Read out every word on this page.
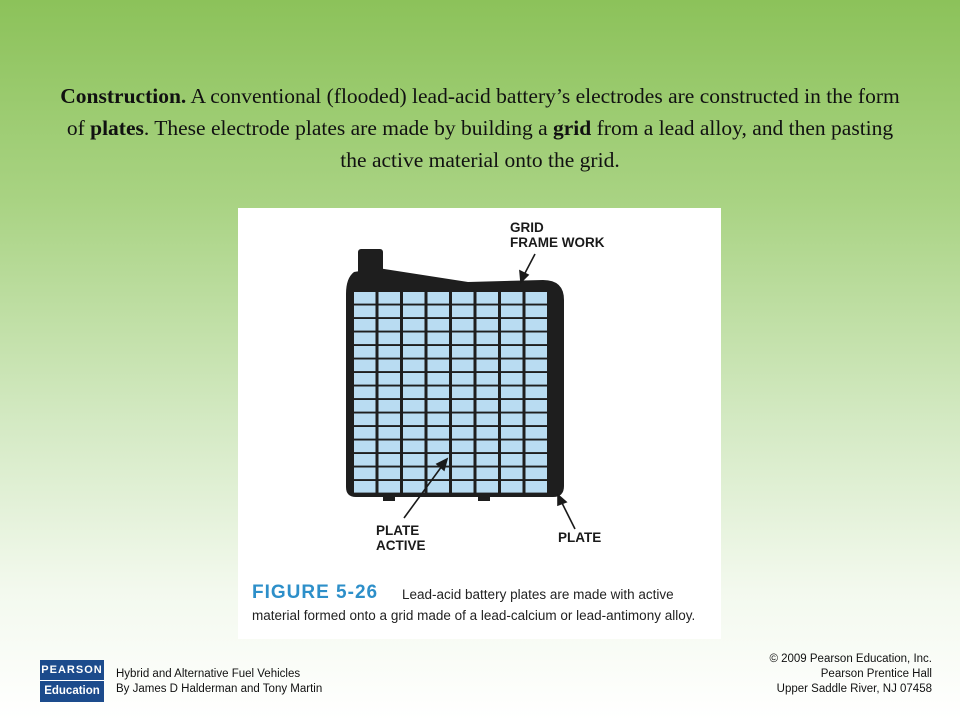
Construction. A conventional (flooded) lead-acid battery’s electrodes are constructed in the form of plates. These electrode plates are made by building a grid from a lead alloy, and then pasting the active material onto the grid.
GRID
FRAME WORK
PLATE
ACTIVE
PLATE
FIGURE 5-26	Lead-acid battery plates are made with active material formed onto a grid made of a lead-calcium or lead-antimony alloy.
PEARSON
Education
Hybrid and Alternative Fuel Vehicles
By James D Halderman and Tony Martin
© 2009 Pearson Education, Inc.
Pearson Prentice Hall
Upper Saddle River, NJ 07458
